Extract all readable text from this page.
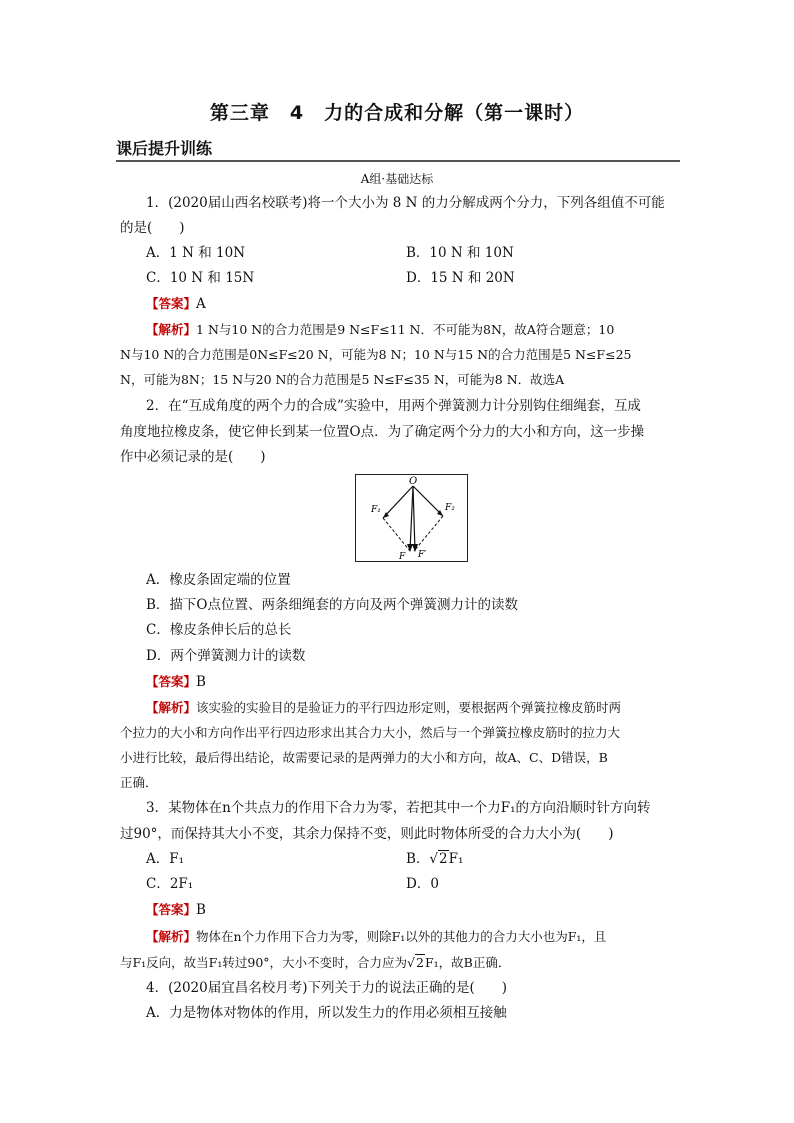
第三章　4　力的合成和分解（第一课时）
课后提升训练
A组·基础达标
1．(2020届山西名校联考)将一个大小为 8 N 的力分解成两个分力，下列各组值不可能
的是(　　)
A．1 N 和 10N	B．10 N 和 10N
C．10 N 和 15N	D．15 N 和 20N
【答案】A
【解析】1 N与10 N的合力范围是9 N≤F≤11 N．不可能为8N，故A符合题意；10
N与10 N的合力范围是0N≤F≤20 N，可能为8 N；10 N与15 N的合力范围是5 N≤F≤25
N，可能为8N；15 N与20 N的合力范围是5 N≤F≤35 N，可能为8 N．故选A
2．在“互成角度的两个力的合成”实验中，用两个弹簧测力计分别钩住细绳套，互成
角度地拉橡皮条，使它伸长到某一位置O点．为了确定两个分力的大小和方向，这一步操
作中必须记录的是(　　)
O
F₁	F₂
F F′
A．橡皮条固定端的位置
B．描下O点位置、两条细绳套的方向及两个弹簧测力计的读数
C．橡皮条伸长后的总长
D．两个弹簧测力计的读数
【答案】B
【解析】该实验的实验目的是验证力的平行四边形定则，要根据两个弹簧拉橡皮筋时两
个拉力的大小和方向作出平行四边形求出其合力大小，然后与一个弹簧拉橡皮筋时的拉力大
小进行比较，最后得出结论，故需要记录的是两弹力的大小和方向，故A、C、D错误，B
正确．
3．某物体在n个共点力的作用下合力为零，若把其中一个力F₁的方向沿顺时针方向转
过90°，而保持其大小不变，其余力保持不变，则此时物体所受的合力大小为(　　)
A．F₁	B．√2F₁
C．2F₁	D．0
【答案】B
【解析】物体在n个力作用下合力为零，则除F₁以外的其他力的合力大小也为F₁，且
与F₁反向，故当F₁转过90°，大小不变时，合力应为√2F₁，故B正确．
4．(2020届宜昌名校月考)下列关于力的说法正确的是(　　)
A．力是物体对物体的作用，所以发生力的作用必须相互接触
